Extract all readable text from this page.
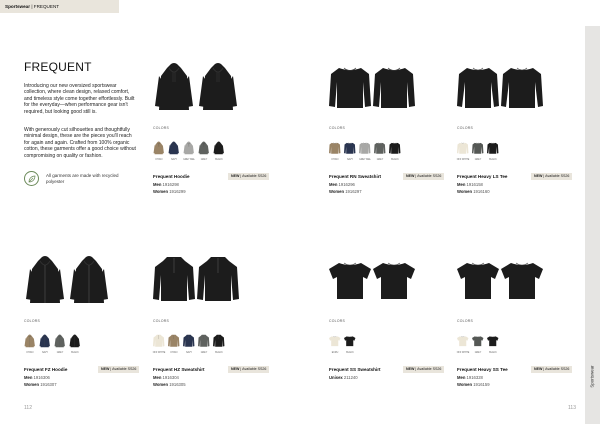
Sportswear | FREQUENT
Sportswear
FREQUENT

Introducing our new oversized sportswear collection, where clean design, relaxed comfort, and timeless style come together effortlessly. Built for the everyday—when performance gear isn't required, but looking good still is.

With generously cut silhouettes and thoughtfully minimal design, these are the pieces you'll reach for again and again. Crafted from 100% organic cotton, these garments offer a good choice without compromising on quality or fashion.

All garments are made with recycled polyester
COLORS
KHAKI	NAVY	GREY MEL	GREY	BLACK
Frequent Hoodie	NEW | Available SS26
Men 1916298
Women 1916299
COLORS
KHAKI	NAVY	GREY MEL	GREY	BLACK
Frequent RN Sweatshirt	NEW | Available SS26
Men 1916296
Women 1916297
COLORS
OFF WHITE GREY	BLACK
Frequent Heavy LS Tee	NEW | Available SS26
Men 1916158
Women 1916160
COLORS
KHAKI	NAVY	GREY	BLACK
Frequent FZ Hoodie	NEW | Available SS26
Men 1916306
Women 1916307
COLORS
OFF WHITE KHAKI	NAVY	GREY	BLACK
Frequent HZ Sweatshirt	NEW | Available SS26
Men 1916304
Women 1916305
COLORS
ECRU	BLACK
Frequent SS Sweatshirt	NEW | Available SS26
Unisex 211240
COLORS
OFF WHITE GREY	BLACK
Frequent Heavy SS Tee	NEW | Available SS26
Men 1916328
Women 1916159
112	113
